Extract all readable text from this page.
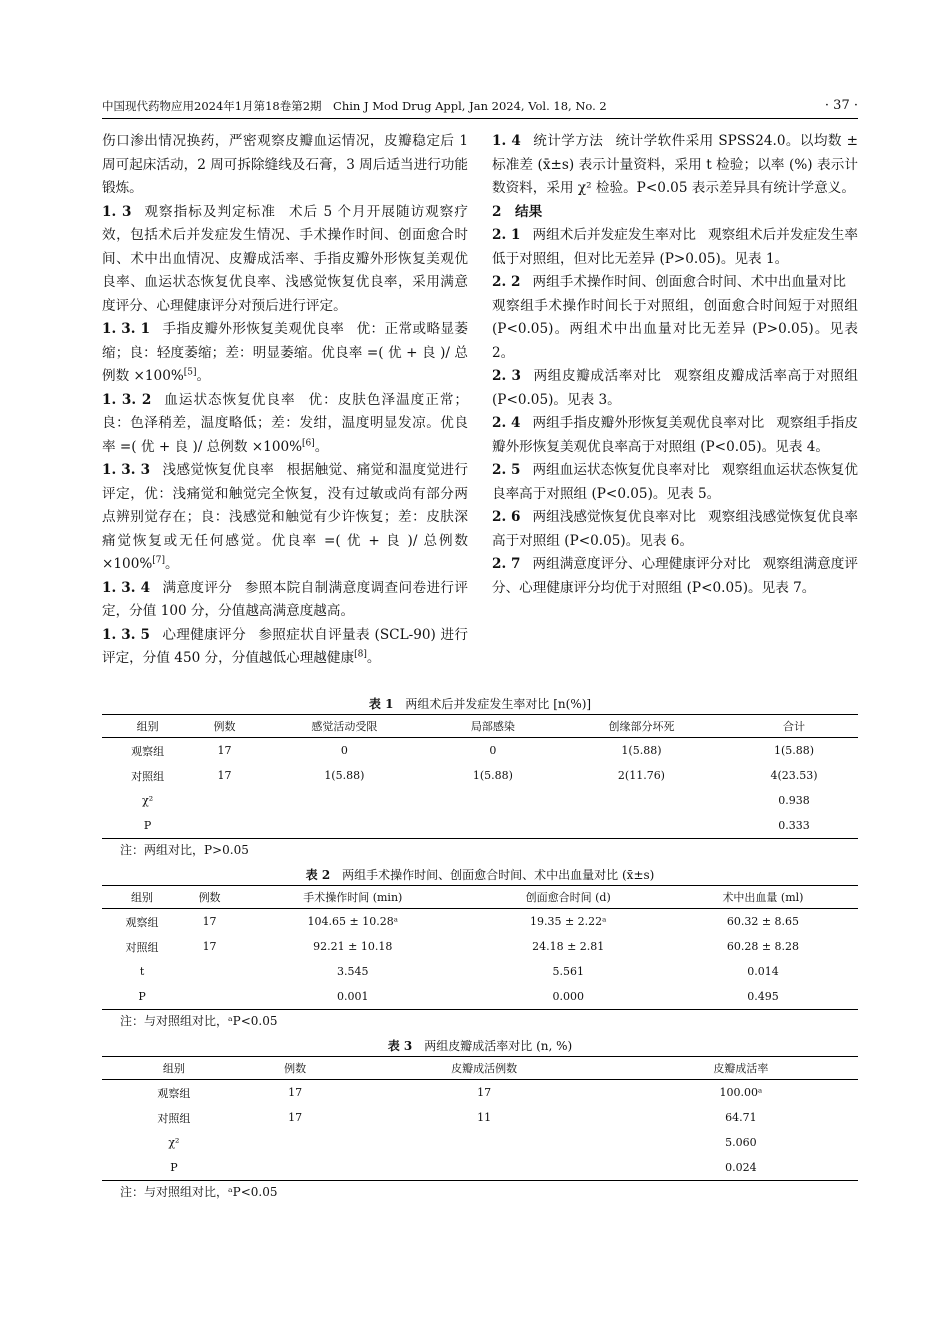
中国现代药物应用2024年1月第18卷第2期　Chin J Mod Drug Appl, Jan 2024, Vol. 18, No. 2	· 37 ·

伤口渗出情况换药，严密观察皮瓣血运情况，皮瓣稳定后 1 周可起床活动，2 周可拆除缝线及石膏，3 周后适当进行功能锻炼。

1. 3 观察指标及判定标准 术后 5 个月开展随访观察疗效，包括术后并发症发生情况、手术操作时间、创面愈合时间、术中出血情况、皮瓣成活率、手指皮瓣外形恢复美观优良率、血运状态恢复优良率、浅感觉恢复优良率，采用满意度评分、心理健康评分对预后进行评定。

1. 3. 1 手指皮瓣外形恢复美观优良率 优：正常或略显萎缩；良：轻度萎缩；差：明显萎缩。优良率 =( 优 + 良 )/ 总例数 ×100%[5]。

1. 3. 2 血运状态恢复优良率 优：皮肤色泽温度正常；良：色泽稍差，温度略低；差：发绀，温度明显发凉。优良率 =( 优 + 良 )/ 总例数 ×100%[6]。

1. 3. 3 浅感觉恢复优良率 根据触觉、痛觉和温度觉进行评定，优：浅痛觉和触觉完全恢复，没有过敏或尚有部分两点辨别觉存在；良：浅感觉和触觉有少许恢复；差：皮肤深痛觉恢复或无任何感觉。优良率 =( 优 + 良 )/ 总例数 ×100%[7]。

1. 3. 4 满意度评分 参照本院自制满意度调查问卷进行评定，分值 100 分，分值越高满意度越高。

1. 3. 5 心理健康评分 参照症状自评量表 (SCL-90) 进行评定，分值 450 分，分值越低心理越健康[8]。

1. 4 统计学方法 统计学软件采用 SPSS24.0。以均数 ± 标准差 (x̄±s) 表示计量资料，采用 t 检验；以率 (%) 表示计数资料，采用 χ² 检验。P<0.05 表示差异具有统计学意义。

2　结果

2. 1 两组术后并发症发生率对比 观察组术后并发症发生率低于对照组，但对比无差异 (P>0.05)。见表 1。

2. 2 两组手术操作时间、创面愈合时间、术中出血量对比观察组手术操作时间长于对照组，创面愈合时间短于对照组 (P<0.05)。两组术中出血量对比无差异 (P>0.05)。见表 2。

2. 3 两组皮瓣成活率对比 观察组皮瓣成活率高于对照组 (P<0.05)。见表 3。

2. 4 两组手指皮瓣外形恢复美观优良率对比 观察组手指皮瓣外形恢复美观优良率高于对照组 (P<0.05)。见表 4。

2. 5 两组血运状态恢复优良率对比 观察组血运状态恢复优良率高于对照组 (P<0.05)。见表 5。

2. 6 两组浅感觉恢复优良率对比 观察组浅感觉恢复优良率高于对照组 (P<0.05)。见表 6。

2. 7 两组满意度评分、心理健康评分对比 观察组满意度评分、心理健康评分均优于对照组 (P<0.05)。见表 7。

表 1 两组术后并发症发生率对比 [n(%)]
组别	例数	感觉活动受限	局部感染	创缘部分坏死	合计
观察组	17	0	0	1(5.88)	1(5.88)
对照组	17	1(5.88)	1(5.88)	2(11.76)	4(23.53)
χ²					0.938
P					0.333
注：两组对比，P>0.05
表 2 两组手术操作时间、创面愈合时间、术中出血量对比 (x̄±s)
组别	例数	手术操作时间 (min)	创面愈合时间 (d)	术中出血量 (ml)
观察组	17	104.65 ± 10.28ᵃ	19.35 ± 2.22ᵃ	60.32 ± 8.65
对照组	17	92.21 ± 10.18	24.18 ± 2.81	60.28 ± 8.28
t		3.545	5.561	0.014
P		0.001	0.000	0.495
注：与对照组对比，ᵃP<0.05
表 3 两组皮瓣成活率对比 (n, %)
组别	例数	皮瓣成活例数	皮瓣成活率
观察组	17	17	100.00ᵃ
对照组	17	11	64.71
χ²			5.060
P			0.024
注：与对照组对比，ᵃP<0.05
